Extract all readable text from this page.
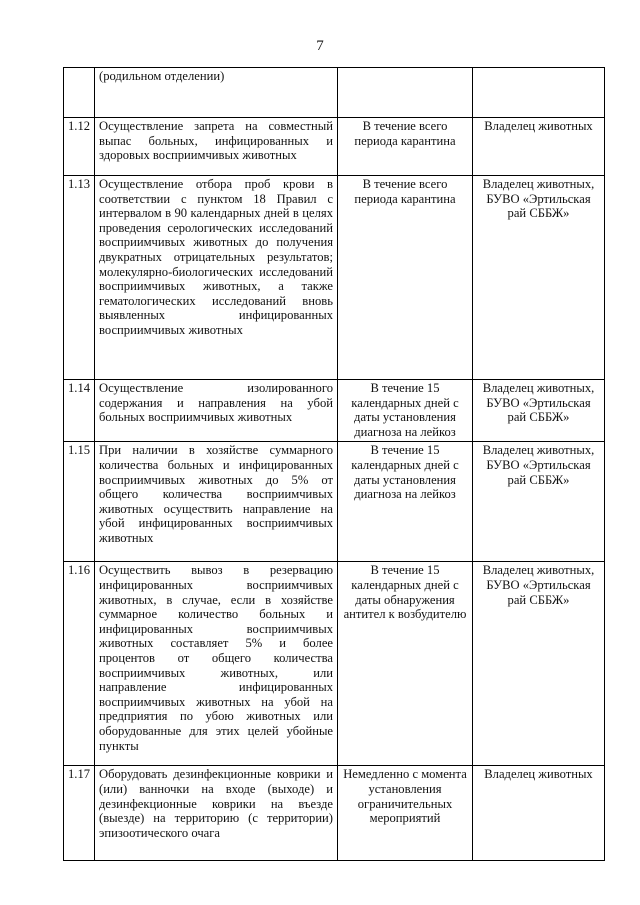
7
	(родильном отделении)		
1.12	Осуществление запрета на совместный выпас больных, инфицированных и здоровых восприимчивых животных	В течение всего периода карантина	Владелец животных
1.13	Осуществление отбора проб крови в соответствии с пунктом 18 Правил с интервалом в 90 календарных дней в целях проведения серологических исследований восприимчивых животных до получения двукратных отрицательных результатов; молекулярно-биологических исследований восприимчивых животных, а также гематологических исследований вновь выявленных инфицированных восприимчивых животных	В течение всего периода карантина	Владелец животных, БУВО «Эртильская рай СББЖ»
1.14	Осуществление изолированного содержания и направления на убой больных восприимчивых животных	В течение 15 календарных дней с даты установления диагноза на лейкоз	Владелец животных, БУВО «Эртильская рай СББЖ»
1.15	При наличии в хозяйстве суммарного количества больных и инфицированных восприимчивых животных до 5% от общего количества восприимчивых животных осуществить направление на убой инфицированных восприимчивых животных	В течение 15 календарных дней с даты установления диагноза на лейкоз	Владелец животных, БУВО «Эртильская рай СББЖ»
1.16	Осуществить вывоз в резервацию инфицированных восприимчивых животных, в случае, если в хозяйстве суммарное количество больных и инфицированных восприимчивых животных составляет 5% и более процентов от общего количества восприимчивых животных, или направление инфицированных восприимчивых животных на убой на предприятия по убою животных или оборудованные для этих целей убойные пункты	В течение 15 календарных дней с даты обнаружения антител к возбудителю	Владелец животных, БУВО «Эртильская рай СББЖ»
1.17	Оборудовать дезинфекционные коврики и (или) ванночки на входе (выходе) и дезинфекционные коврики на въезде (выезде) на территорию (с территории) эпизоотического очага	Немедленно с момента установления ограничительных мероприятий	Владелец животных
